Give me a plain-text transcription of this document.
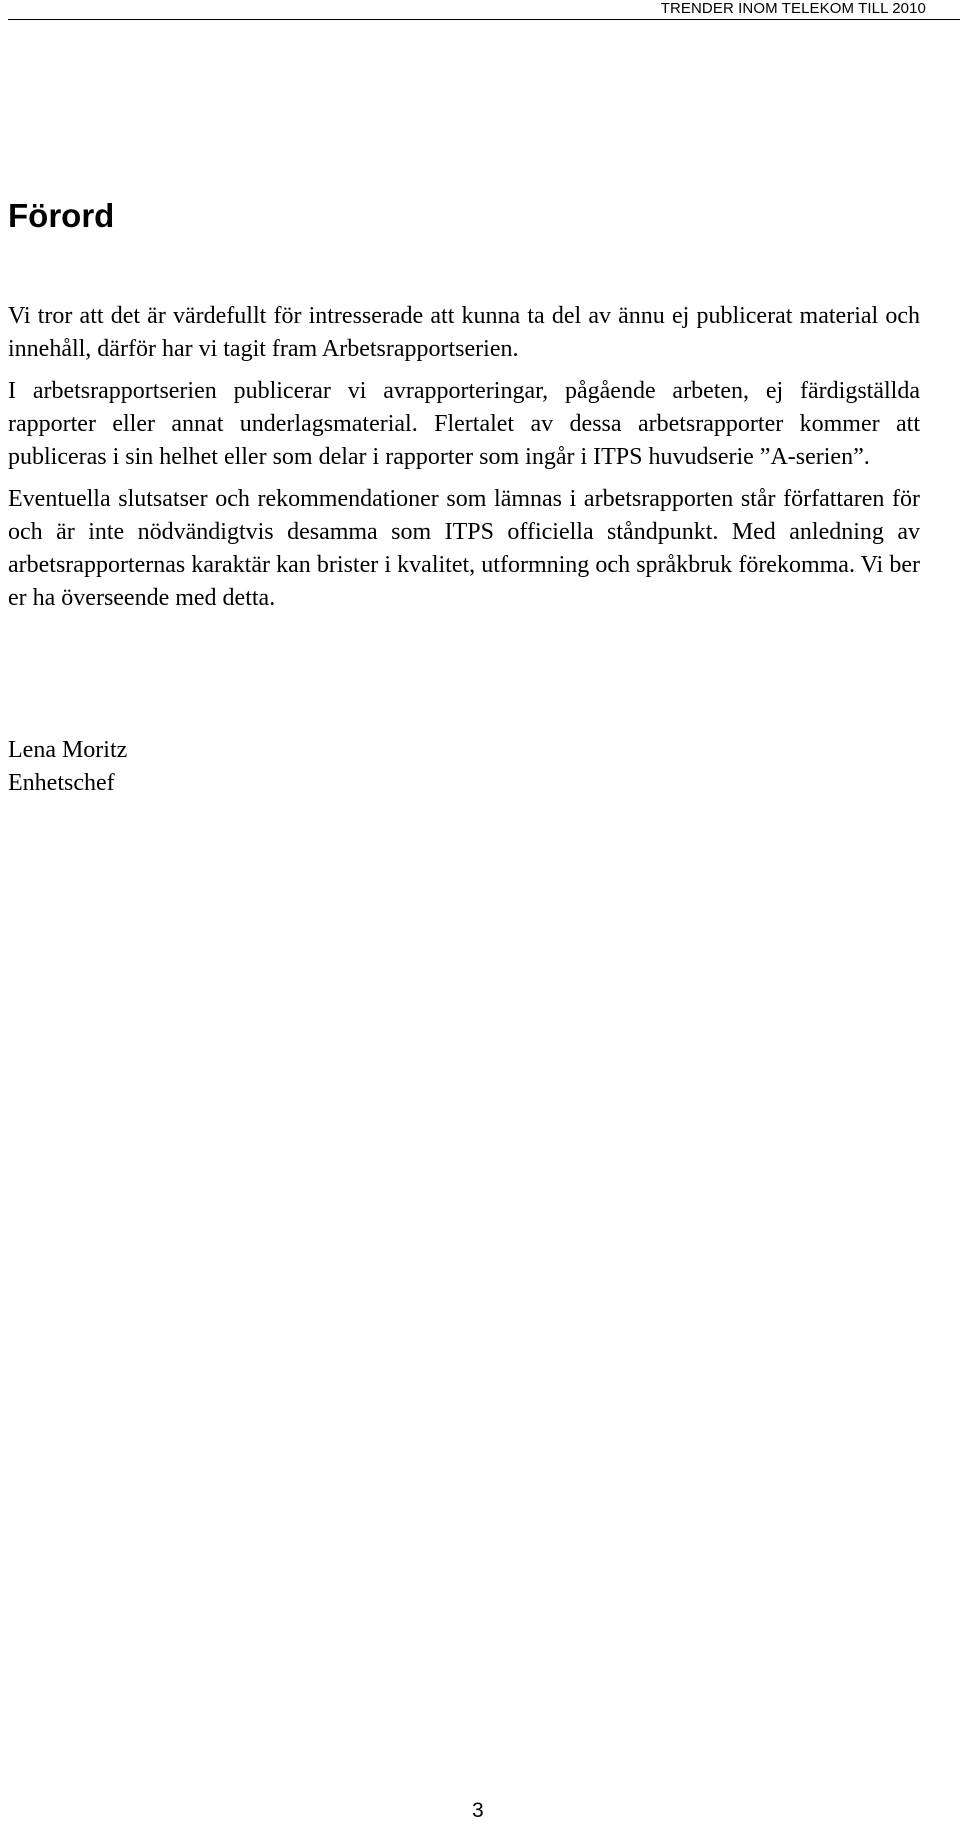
TRENDER INOM TELEKOM TILL 2010
Förord

Vi tror att det är värdefullt för intresserade att kunna ta del av ännu ej publicerat material och innehåll, därför har vi tagit fram Arbetsrapportserien.

I arbetsrapportserien publicerar vi avrapporteringar, pågående arbeten, ej färdigställda rapporter eller annat underlagsmaterial. Flertalet av dessa arbetsrapporter kommer att publiceras i sin helhet eller som delar i rapporter som ingår i ITPS huvudserie ”A-serien”.

Eventuella slutsatser och rekommendationer som lämnas i arbetsrapporten står författaren för och är inte nödvändigtvis desamma som ITPS officiella ståndpunkt. Med anledning av arbetsrapporternas karaktär kan brister i kvalitet, utformning och språkbruk förekomma. Vi ber er ha överseende med detta.

Lena Moritz
Enhetschef
3
